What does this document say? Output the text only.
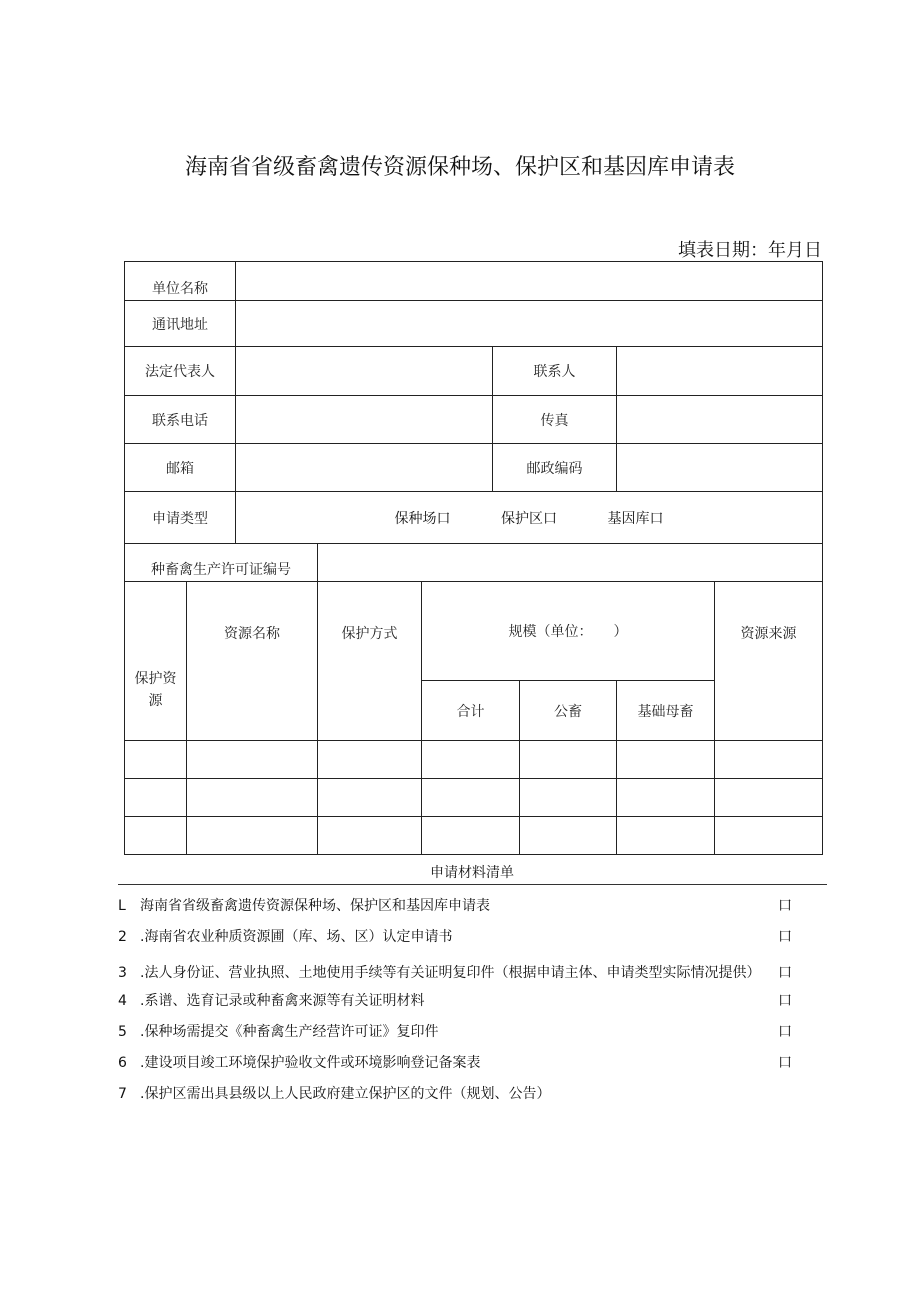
海南省省级畜禽遗传资源保种场、保护区和基因库申请表
填表日期：年月日
单位名称								
通讯地址								
法定代表人					联系人			
联系电话					传真			
邮箱					邮政编码			
申请类型		保种场口 保护区口 基因库口						
种畜禽生产许可证编号								
保护资源	资源名称		保护方式	规模（单位：　　）				资源来源
				合计		公畜	基础母畜	

申请材料清单
L 海南省省级畜禽遗传资源保种场、保护区和基因库申请表	口
2 .海南省农业种质资源圃（库、场、区）认定申请书	口
3 .法人身份证、营业执照、土地使用手续等有关证明复印件（根据申请主体、申请类型实际情况提供） 口
4 .系谱、选育记录或种畜禽来源等有关证明材料	口
5 .保种场需提交《种畜禽生产经营许可证》复印件	口
6 .建设项目竣工环境保护验收文件或环境影响登记备案表	口
7 .保护区需出具县级以上人民政府建立保护区的文件（规划、公告）
